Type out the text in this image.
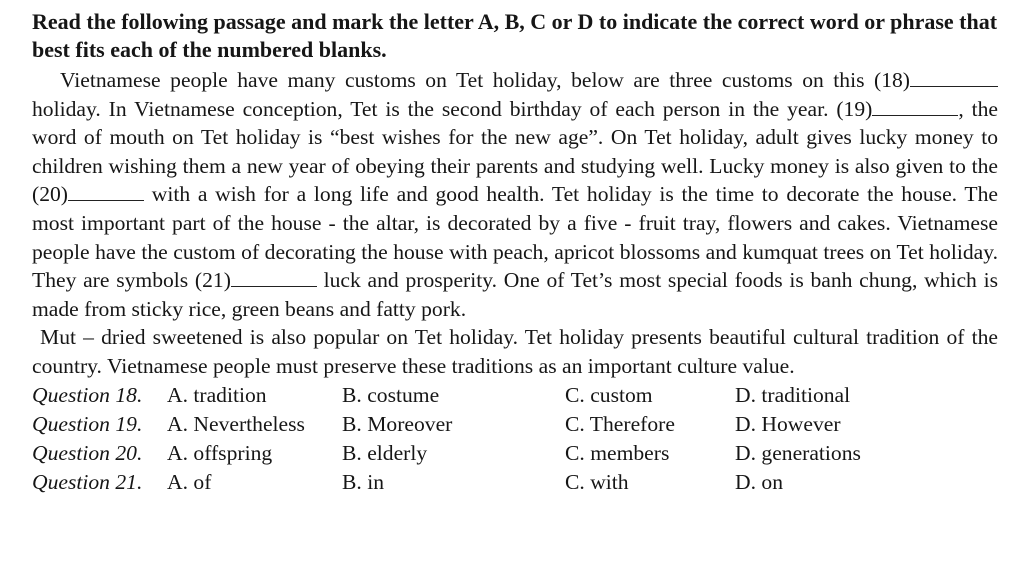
Read the following passage and mark the letter A, B, C or D to indicate the correct word or phrase that best fits each of the numbered blanks.

Vietnamese people have many customs on Tet holiday, below are three customs on this (18) holiday. In Vietnamese conception, Tet is the second birthday of each person in the year. (19)	, the word of mouth on Tet holiday is “best wishes for the new age”. On Tet holiday, adult gives lucky money to children wishing them a new year of obeying their parents and studying well. Lucky money is also given to the (20)	with a wish for a long life and good health. Tet holiday is the time to decorate the house. The most important part of the house - the altar, is decorated by a five - fruit tray, flowers and cakes. Vietnamese people have the custom of decorating the house with peach, apricot blossoms and kumquat trees on Tet holiday. They are symbols (21)	luck and prosperity. One of Tet’s most special foods is banh chung, which is made from sticky rice, green beans and fatty pork.

Mut – dried sweetened is also popular on Tet holiday. Tet holiday presents beautiful cultural tradition of the country. Vietnamese people must preserve these traditions as an important culture value.

Question 18. A. tradition	B. costume	C. custom	D. traditional
Question 19. A. Nevertheless B. Moreover	C. Therefore	D. However
Question 20. A. offspring	B. elderly	C. members	D. generations
Question 21. A. of	B. in	C. with	D. on
